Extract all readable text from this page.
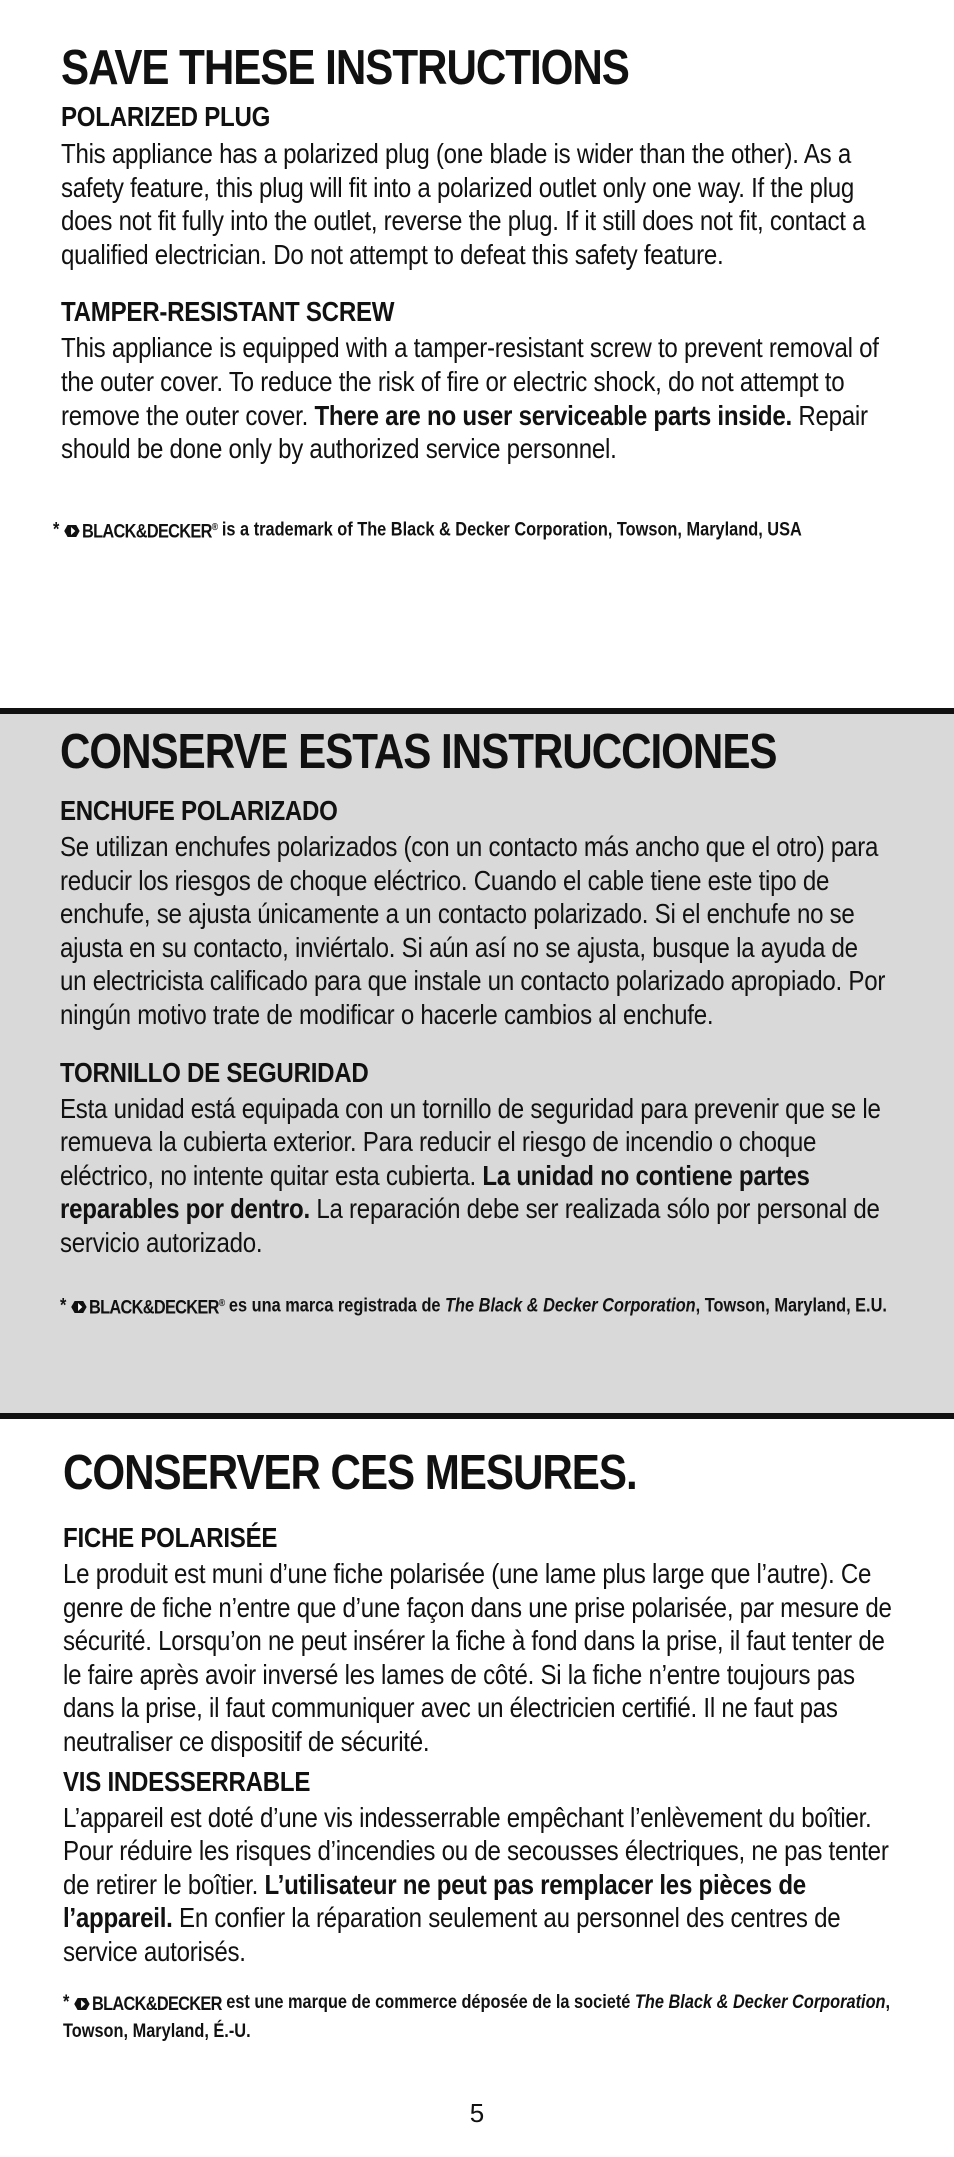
SAVE THESE INSTRUCTIONS
POLARIZED PLUG

This appliance has a polarized plug (one blade is wider than the other). As a safety feature, this plug will fit into a polarized outlet only one way. If the plug does not fit fully into the outlet, reverse the plug. If it still does not fit, contact a qualified electrician. Do not attempt to defeat this safety feature.

TAMPER-RESISTANT SCREW

This appliance is equipped with a tamper-resistant screw to prevent removal of the outer cover. To reduce the risk of fire or electric shock, do not attempt to remove the outer cover. There are no user serviceable parts inside. Repair should be done only by authorized service personnel.

* BLACK&DECKER® is a trademark of The Black & Decker Corporation, Towson, Maryland, USA

CONSERVE ESTAS INSTRUCCIONES
ENCHUFE POLARIZADO

Se utilizan enchufes polarizados (con un contacto más ancho que el otro) para reducir los riesgos de choque eléctrico. Cuando el cable tiene este tipo de enchufe, se ajusta únicamente a un contacto polarizado. Si el enchufe no se ajusta en su contacto, inviértalo. Si aún así no se ajusta, busque la ayuda de un electricista calificado para que instale un contacto polarizado apropiado. Por ningún motivo trate de modificar o hacerle cambios al enchufe.

TORNILLO DE SEGURIDAD

Esta unidad está equipada con un tornillo de seguridad para prevenir que se le remueva la cubierta exterior. Para reducir el riesgo de incendio o choque eléctrico, no intente quitar esta cubierta. La unidad no contiene partes reparables por dentro. La reparación debe ser realizada sólo por personal de servicio autorizado.

* BLACK&DECKER® es una marca registrada de The Black & Decker Corporation, Towson, Maryland, E.U.

CONSERVER CES MESURES.
FICHE POLARISÉE

Le produit est muni d’une fiche polarisée (une lame plus large que l’autre). Ce genre de fiche n’entre que d’une façon dans une prise polarisée, par mesure de sécurité. Lorsqu’on ne peut insérer la fiche à fond dans la prise, il faut tenter de le faire après avoir inversé les lames de côté. Si la fiche n’entre toujours pas dans la prise, il faut communiquer avec un électricien certifié. Il ne faut pas neutraliser ce dispositif de sécurité.

VIS INDESSERRABLE

L’appareil est doté d’une vis indesserrable empêchant l’enlèvement du boîtier. Pour réduire les risques d’incendies ou de secousses électriques, ne pas tenter de retirer le boîtier. L’utilisateur ne peut pas remplacer les pièces de l’appareil. En confier la réparation seulement au personnel des centres de service autorisés.

* BLACK&DECKER est une marque de commerce déposée de la societé The Black & Decker Corporation, Towson, Maryland, É.-U.

5
